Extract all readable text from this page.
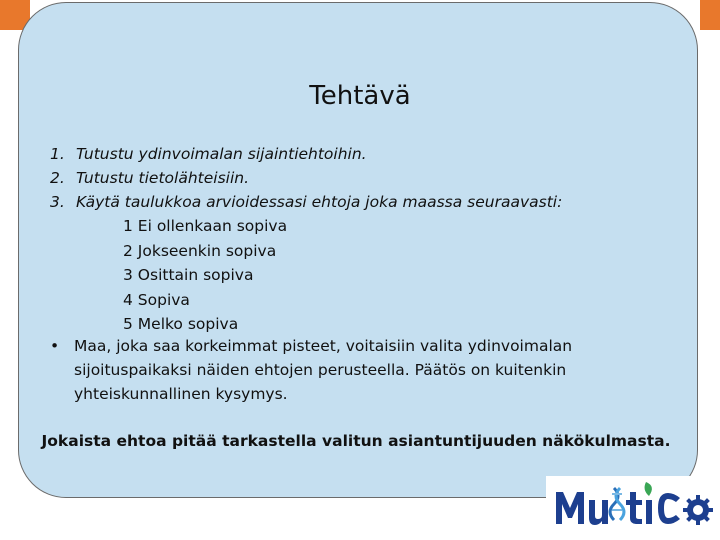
Tehtävä
1. Tutustu ydinvoimalan sijaintiehtoihin.
2. Tutustu tietolähteisiin.
3. Käytä taulukkoa arvioidessasi ehtoja joka maassa seuraavasti:
1 Ei ollenkaan sopiva
2 Jokseenkin sopiva
3 Osittain sopiva
4 Sopiva
5 Melko sopiva
• Maa, joka saa korkeimmat pisteet, voitaisiin valita ydinvoimalan sijoituspaikaksi näiden ehtojen perusteella. Päätös on kuitenkin yhteiskunnallinen kysymys.
Jokaista ehtoa pitää tarkastella valitun asiantuntijuuden näkökulmasta.
